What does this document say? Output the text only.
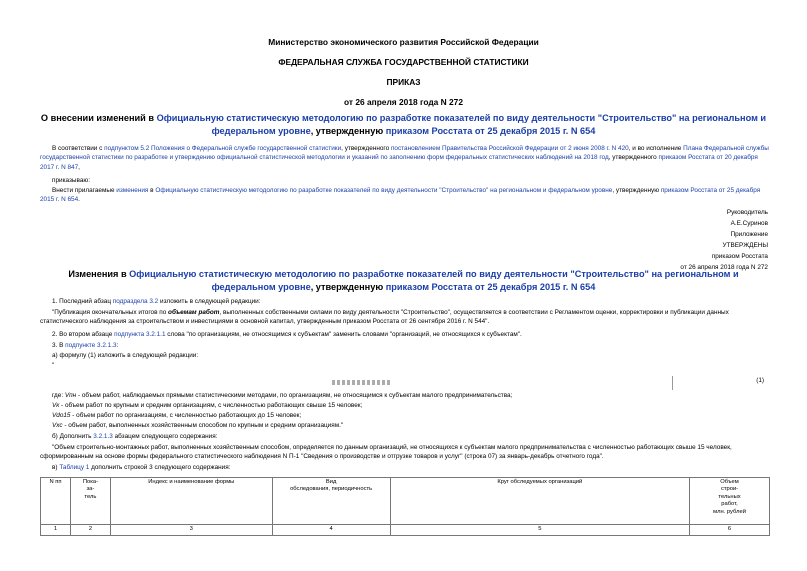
Министерство экономического развития Российской Федерации
ФЕДЕРАЛЬНАЯ СЛУЖБА ГОСУДАРСТВЕННОЙ СТАТИСТИКИ
ПРИКАЗ
от 26 апреля 2018 года N 272
О внесении изменений в Официальную статистическую методологию по разработке показателей по виду деятельности "Строительство" на региональном и федеральном уровне, утвержденную приказом Росстата от 25 декабря 2015 г. N 654
В соответствии с подпунктом 5.2 Положения о Федеральной службе государственной статистики, утвержденного постановлением Правительства Российской Федерации от 2 июня 2008 г. N 420, и во исполнение Плана Федеральной службы государственной статистики по разработке и утверждению официальной статистической методологии и указаний по заполнению форм федеральных статистических наблюдений на 2018 год, утвержденного приказом Росстата от 20 декабря 2017 г. N 847,
приказываю:
Внести прилагаемые изменения в Официальную статистическую методологию по разработке показателей по виду деятельности "Строительство" на региональном и федеральном уровне, утвержденную приказом Росстата от 25 декабря 2015 г. N 654.
Руководитель
А.Е.Суринов
Приложение
УТВЕРЖДЕНЫ
приказом Росстата
от 26 апреля 2018 года N 272
Изменения в Официальную статистическую методологию по разработке показателей по виду деятельности "Строительство" на региональном и федеральном уровне, утвержденную приказом Росстата от 25 декабря 2015 г. N 654
1. Последний абзац подраздела 3.2 изложить в следующей редакции:
"Публикация окончательных итогов по объемам работ, выполненных собственными силами по виду деятельности "Строительство", осуществляется в соответствии с Регламентом оценки, корректировки и публикации данных статистического наблюдения за строительством и инвестициями в основной капитал, утвержденным приказом Росстата от 26 сентября 2016 г. N 544".
2. Во втором абзаце подпункта 3.2.1.1 слова "по организациям, не относящимся к субъектам" заменить словами "организаций, не относящихся к субъектам".
3. В подпункте 3.2.1.3:
а) формулу (1) изложить в следующей редакции:
"
(1)
где: Vпн - объем работ, наблюдаемых прямыми статистическими методами, по организациям, не относящимся к субъектам малого предпринимательства;
Vк - объем работ по крупным и средним организациям, с численностью работающих свыше 15 человек;
Vdo15 - объем работ по организациям, с численностью работающих до 15 человек;
Vхс - объем работ, выполненных хозяйственным способом по крупным и средним организациям."
б) Дополнить 3.2.1.3 абзацем следующего содержания:
"Объем строительно-монтажных работ, выполненных хозяйственным способом, определяется по данным организаций, не относящихся к субъектам малого предпринимательства с численностью работающих свыше 15 человек, сформированным на основе формы федерального статистического наблюдения N П-1 "Сведения о производстве и отгрузке товаров и услуг" (строка 07) за январь-декабрь отчетного года".
в) Таблицу 1 дополнить строкой 3 следующего содержания:
N пп	Пока-
за-
тель	Индекс и наименование формы	Вид
обследования, периодичность	Круг обследуемых организаций	Объем
строи-
тельных
работ,
млн. рублей
1	2	3	4	5	6
